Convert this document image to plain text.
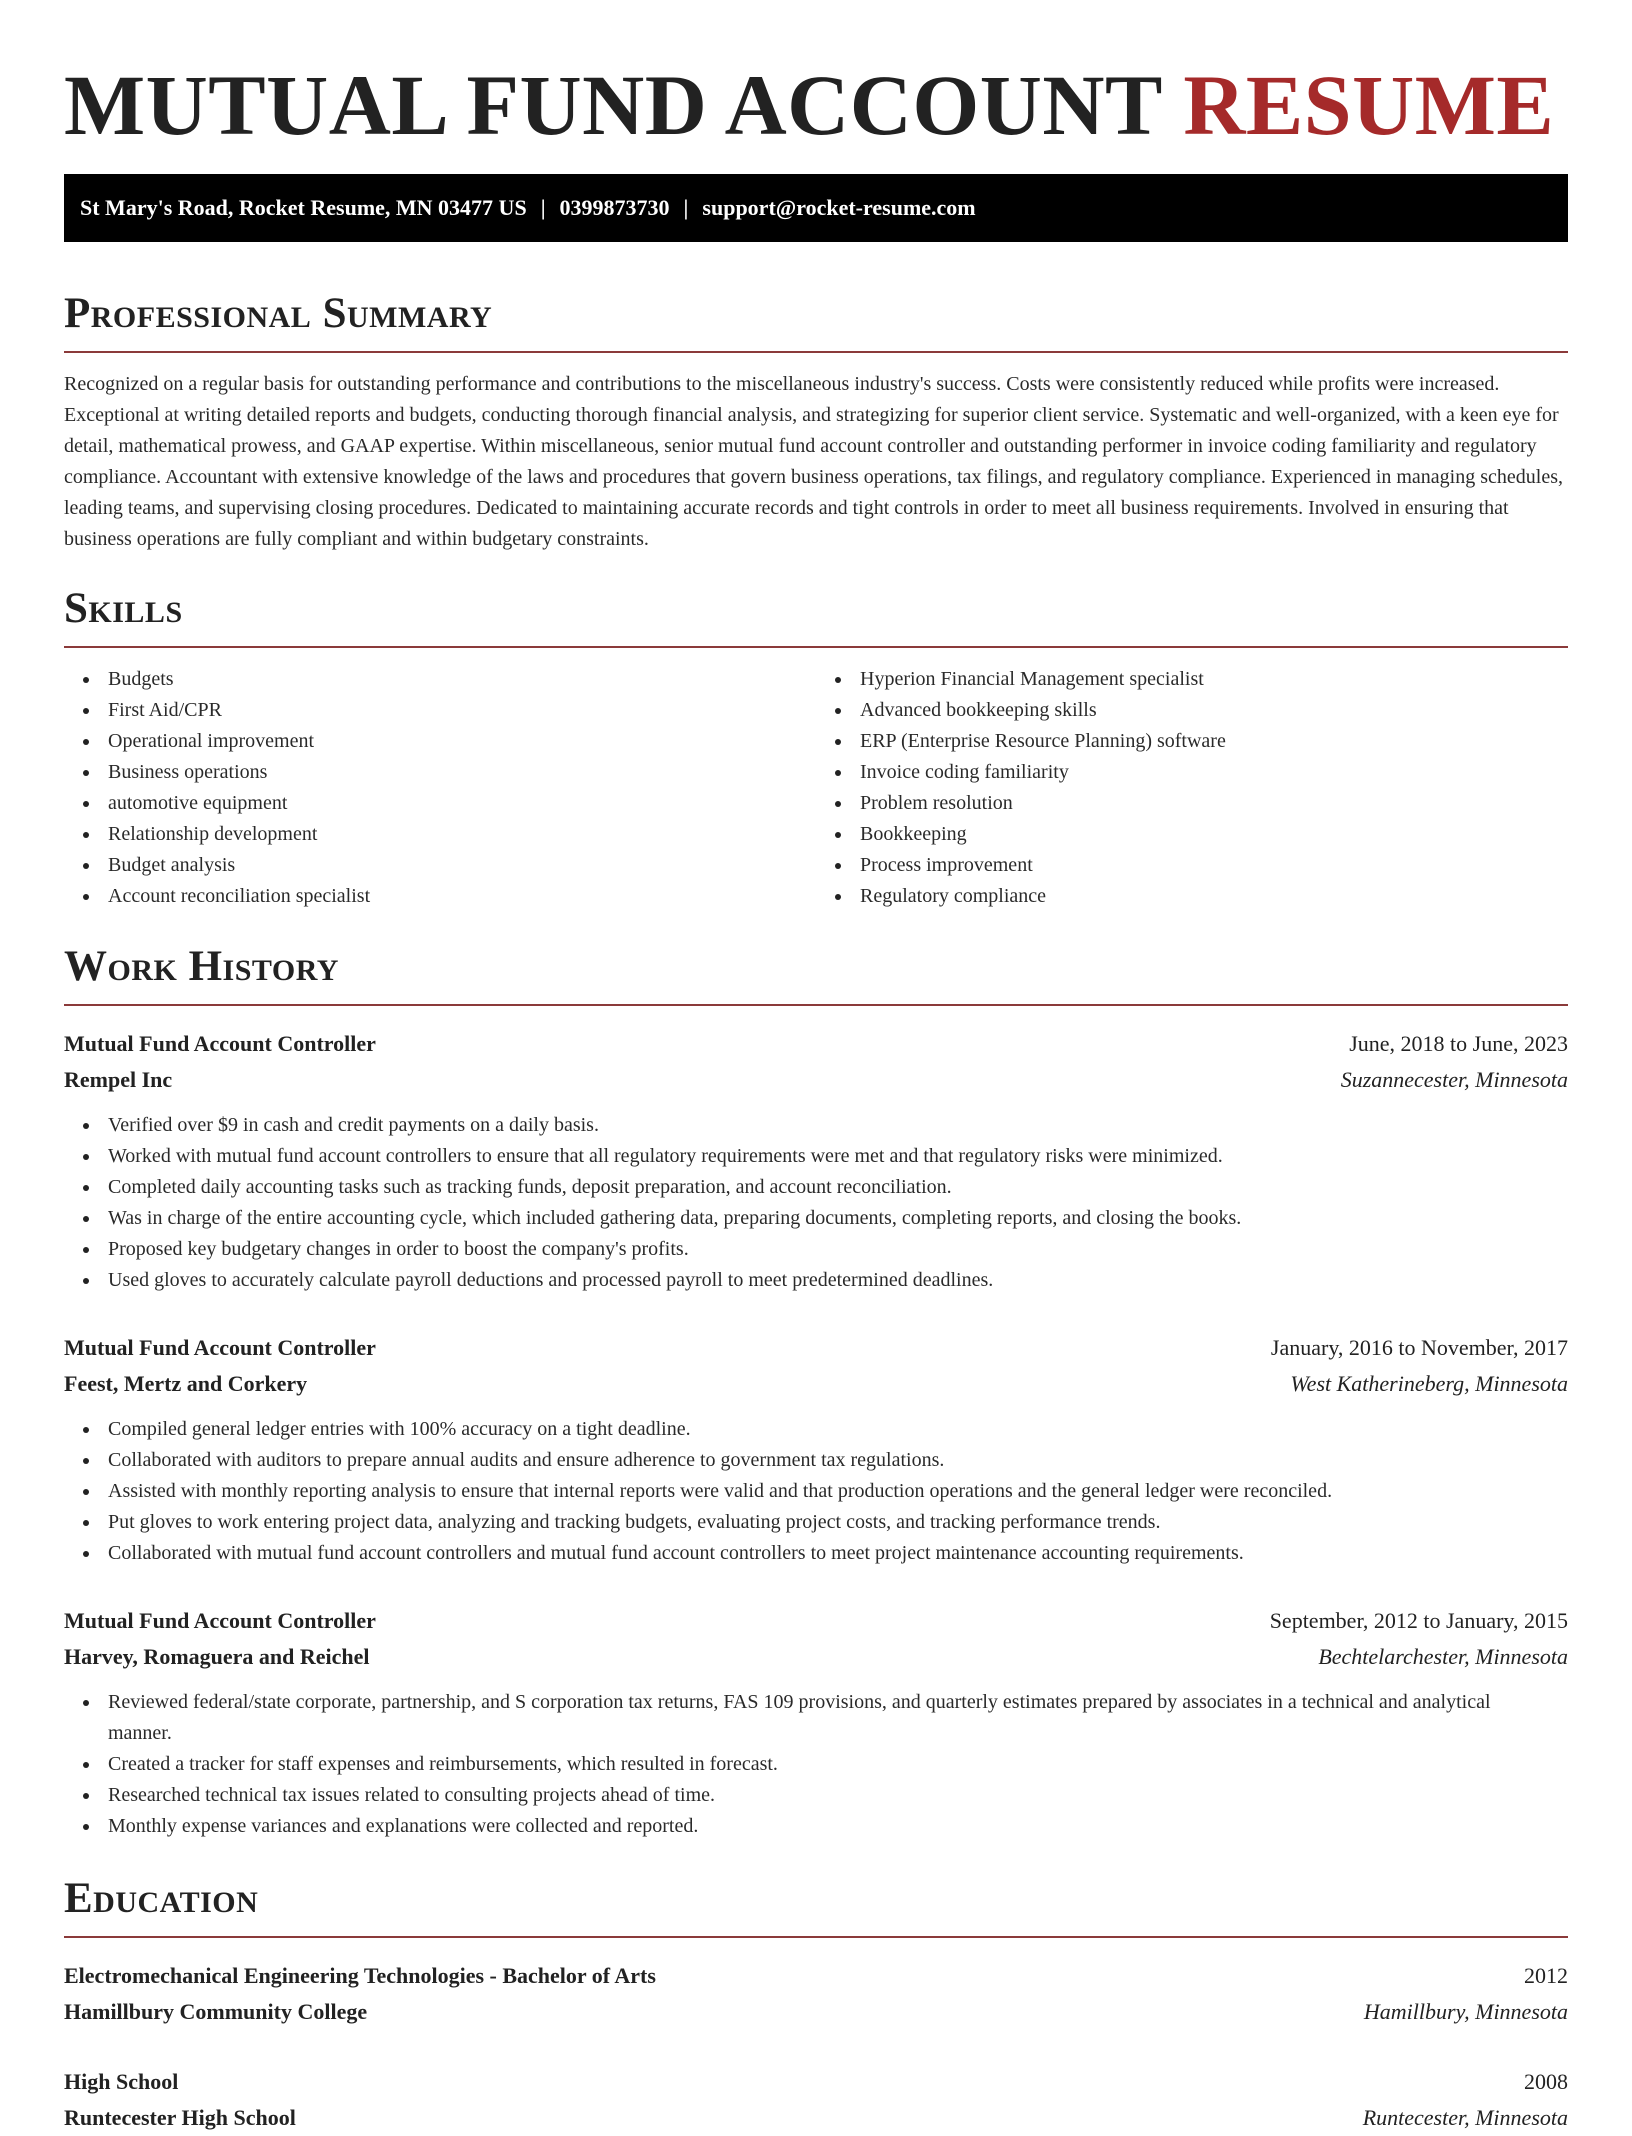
MUTUAL FUND ACCOUNT RESUME
St Mary's Road, Rocket Resume, MN 03477 US | 0399873730 | support@rocket-resume.com
Professional Summary

Recognized on a regular basis for outstanding performance and contributions to the miscellaneous industry's success. Costs were consistently reduced while profits were increased. Exceptional at writing detailed reports and budgets, conducting thorough financial analysis, and strategizing for superior client service. Systematic and well-organized, with a keen eye for detail, mathematical prowess, and GAAP expertise. Within miscellaneous, senior mutual fund account controller and outstanding performer in invoice coding familiarity and regulatory compliance. Accountant with extensive knowledge of the laws and procedures that govern business operations, tax filings, and regulatory compliance. Experienced in managing schedules, leading teams, and supervising closing procedures. Dedicated to maintaining accurate records and tight controls in order to meet all business requirements. Involved in ensuring that business operations are fully compliant and within budgetary constraints.

Skills
Budgets
First Aid/CPR
Operational improvement
Business operations
automotive equipment
Relationship development
Budget analysis
Account reconciliation specialist
Hyperion Financial Management specialist
Advanced bookkeeping skills
ERP (Enterprise Resource Planning) software
Invoice coding familiarity
Problem resolution
Bookkeeping
Process improvement
Regulatory compliance
Work History
Mutual Fund Account Controller	June, 2018 to June, 2023
Rempel Inc	Suzannecester, Minnesota
Verified over $9 in cash and credit payments on a daily basis.
Worked with mutual fund account controllers to ensure that all regulatory requirements were met and that regulatory risks were minimized.
Completed daily accounting tasks such as tracking funds, deposit preparation, and account reconciliation.
Was in charge of the entire accounting cycle, which included gathering data, preparing documents, completing reports, and closing the books.
Proposed key budgetary changes in order to boost the company's profits.
Used gloves to accurately calculate payroll deductions and processed payroll to meet predetermined deadlines.
Mutual Fund Account Controller	January, 2016 to November, 2017
Feest, Mertz and Corkery	West Katherineberg, Minnesota
Compiled general ledger entries with 100% accuracy on a tight deadline.
Collaborated with auditors to prepare annual audits and ensure adherence to government tax regulations.
Assisted with monthly reporting analysis to ensure that internal reports were valid and that production operations and the general ledger were reconciled.
Put gloves to work entering project data, analyzing and tracking budgets, evaluating project costs, and tracking performance trends.
Collaborated with mutual fund account controllers and mutual fund account controllers to meet project maintenance accounting requirements.
Mutual Fund Account Controller	September, 2012 to January, 2015
Harvey, Romaguera and Reichel	Bechtelarchester, Minnesota
Reviewed federal/state corporate, partnership, and S corporation tax returns, FAS 109 provisions, and quarterly estimates prepared by associates in a technical and analytical manner.
Created a tracker for staff expenses and reimbursements, which resulted in forecast.
Researched technical tax issues related to consulting projects ahead of time.
Monthly expense variances and explanations were collected and reported.
Education
Electromechanical Engineering Technologies - Bachelor of Arts	2012
Hamillbury Community College	Hamillbury, Minnesota
High School	2008
Runtecester High School	Runtecester, Minnesota
